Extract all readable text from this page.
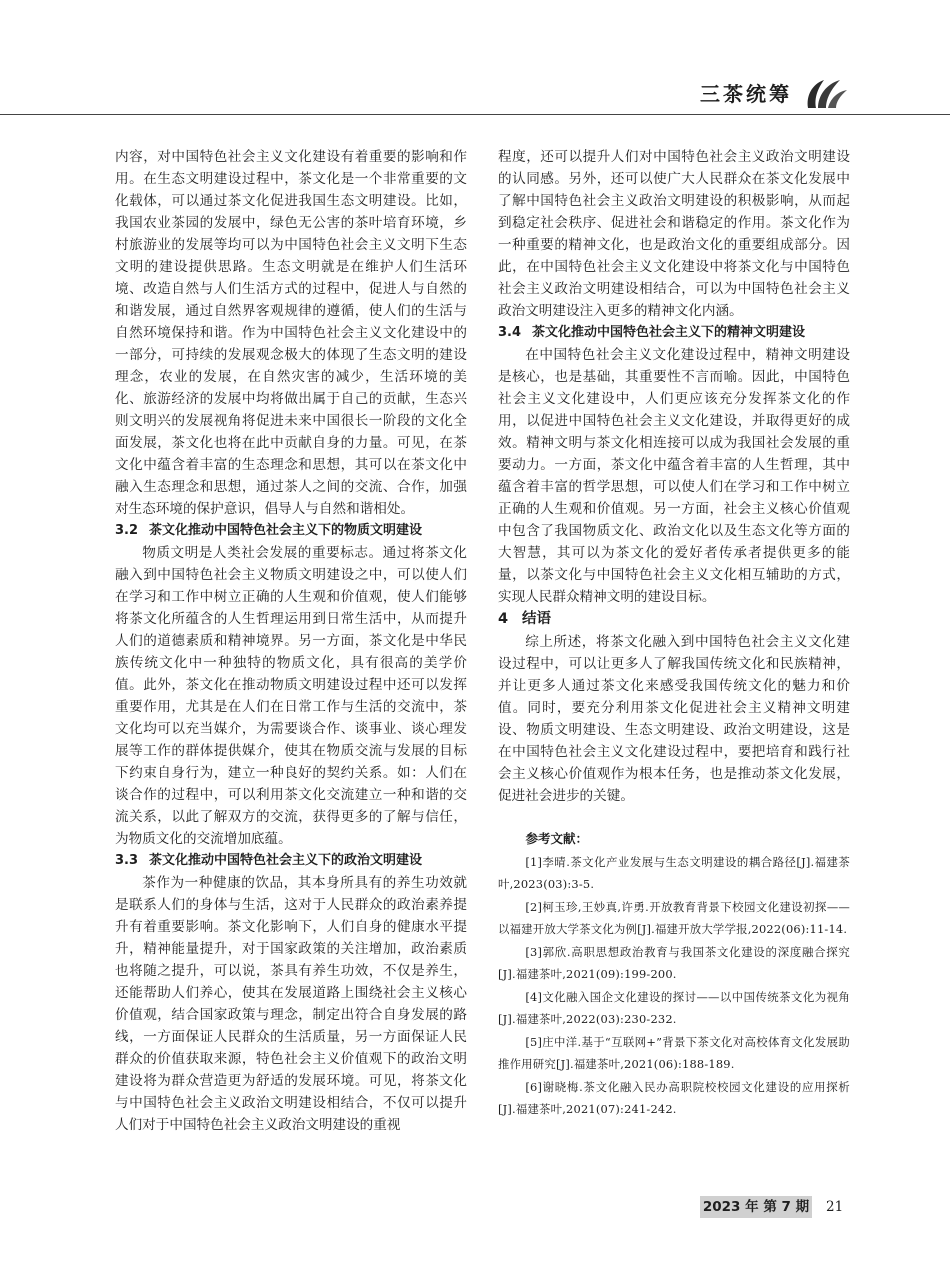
三茶统筹

内容，对中国特色社会主义文化建设有着重要的影响和作用。在生态文明建设过程中，茶文化是一个非常重要的文化载体，可以通过茶文化促进我国生态文明建设。比如，我国农业茶园的发展中，绿色无公害的茶叶培育环境，乡村旅游业的发展等均可以为中国特色社会主义文明下生态文明的建设提供思路。生态文明就是在维护人们生活环境、改造自然与人们生活方式的过程中，促进人与自然的和谐发展，通过自然界客观规律的遵循，使人们的生活与自然环境保持和谐。作为中国特色社会主义文化建设中的一部分，可持续的发展观念极大的体现了生态文明的建设理念，农业的发展，在自然灾害的减少，生活环境的美化、旅游经济的发展中均将做出属于自己的贡献，生态兴则文明兴的发展视角将促进未来中国很长一阶段的文化全面发展，茶文化也将在此中贡献自身的力量。可见，在茶文化中蕴含着丰富的生态理念和思想，其可以在茶文化中融入生态理念和思想，通过茶人之间的交流、合作，加强对生态环境的保护意识，倡导人与自然和谐相处。

3.2 茶文化推动中国特色社会主义下的物质文明建设

物质文明是人类社会发展的重要标志。通过将茶文化融入到中国特色社会主义物质文明建设之中，可以使人们在学习和工作中树立正确的人生观和价值观，使人们能够将茶文化所蕴含的人生哲理运用到日常生活中，从而提升人们的道德素质和精神境界。另一方面，茶文化是中华民族传统文化中一种独特的物质文化，具有很高的美学价值。此外，茶文化在推动物质文明建设过程中还可以发挥重要作用，尤其是在人们在日常工作与生活的交流中，茶文化均可以充当媒介，为需要谈合作、谈事业、谈心理发展等工作的群体提供媒介，使其在物质交流与发展的目标下约束自身行为，建立一种良好的契约关系。如：人们在谈合作的过程中，可以利用茶文化交流建立一种和谐的交流关系，以此了解双方的交流，获得更多的了解与信任，为物质文化的交流增加底蕴。

3.3 茶文化推动中国特色社会主义下的政治文明建设

茶作为一种健康的饮品，其本身所具有的养生功效就是联系人们的身体与生活，这对于人民群众的政治素养提升有着重要影响。茶文化影响下，人们自身的健康水平提升，精神能量提升，对于国家政策的关注增加，政治素质也将随之提升，可以说，茶具有养生功效，不仅是养生，还能帮助人们养心，使其在发展道路上围绕社会主义核心价值观，结合国家政策与理念，制定出符合自身发展的路线，一方面保证人民群众的生活质量，另一方面保证人民群众的价值获取来源，特色社会主义价值观下的政治文明建设将为群众营造更为舒适的发展环境。可见，将茶文化与中国特色社会主义政治文明建设相结合，不仅可以提升人们对于中国特色社会主义政治文明建设的重视

程度，还可以提升人们对中国特色社会主义政治文明建设的认同感。另外，还可以使广大人民群众在茶文化发展中了解中国特色社会主义政治文明建设的积极影响，从而起到稳定社会秩序、促进社会和谐稳定的作用。茶文化作为一种重要的精神文化，也是政治文化的重要组成部分。因此，在中国特色社会主义文化建设中将茶文化与中国特色社会主义政治文明建设相结合，可以为中国特色社会主义政治文明建设注入更多的精神文化内涵。

3.4 茶文化推动中国特色社会主义下的精神文明建设

在中国特色社会主义文化建设过程中，精神文明建设是核心，也是基础，其重要性不言而喻。因此，中国特色社会主义文化建设中，人们更应该充分发挥茶文化的作用，以促进中国特色社会主义文化建设，并取得更好的成效。精神文明与茶文化相连接可以成为我国社会发展的重要动力。一方面，茶文化中蕴含着丰富的人生哲理，其中蕴含着丰富的哲学思想，可以使人们在学习和工作中树立正确的人生观和价值观。另一方面，社会主义核心价值观中包含了我国物质文化、政治文化以及生态文化等方面的大智慧，其可以为茶文化的爱好者传承者提供更多的能量，以茶文化与中国特色社会主义文化相互辅助的方式，实现人民群众精神文明的建设目标。

4 结语

综上所述，将茶文化融入到中国特色社会主义文化建设过程中，可以让更多人了解我国传统文化和民族精神，并让更多人通过茶文化来感受我国传统文化的魅力和价值。同时，要充分利用茶文化促进社会主义精神文明建设、物质文明建设、生态文明建设、政治文明建设，这是在中国特色社会主义文化建设过程中，要把培育和践行社会主义核心价值观作为根本任务，也是推动茶文化发展，促进社会进步的关键。

参考文献：
[1]李晴.茶文化产业发展与生态文明建设的耦合路径[J].福建茶叶,2023(03):3-5.
[2]柯玉珍,王妙真,许勇.开放教育背景下校园文化建设初探——以福建开放大学茶文化为例[J].福建开放大学学报,2022(06):11-14.
[3]郭欣.高职思想政治教育与我国茶文化建设的深度融合探究[J].福建茶叶,2021(09):199-200.
[4]文化融入国企文化建设的探讨——以中国传统茶文化为视角[J].福建茶叶,2022(03):230-232.
[5]庄中洋.基于“互联网+”背景下茶文化对高校体育文化发展助推作用研究[J].福建茶叶,2021(06):188-189.
[6]谢晓梅.茶文化融入民办高职院校校园文化建设的应用探析[J].福建茶叶,2021(07):241-242.
2023 年 第 7 期 21
